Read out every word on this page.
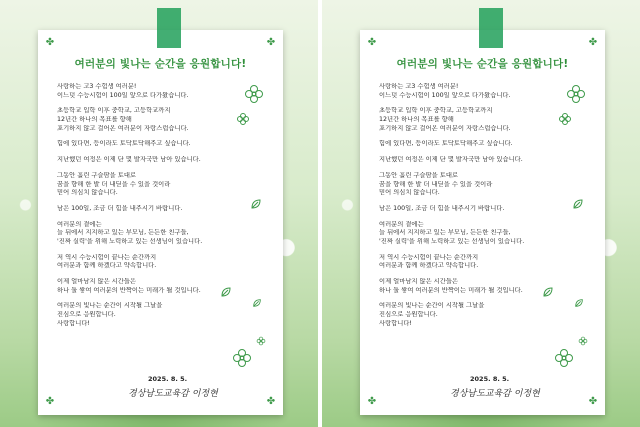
✤	✤
✤	✤
여러분의 빛나는 순간을 응원합니다!
사랑하는 고3 수험생 여러분!
이느덧 수능시험이 100일 앞으로 다가왔습니다.
초등학교 입학 이후 중학교, 고등학교까지
12년간 하나의 목표를 향해
포기하지 않고 걸어온 여러분이 자랑스럽습니다.
힘에 있다면, 등이라도 토닥토닥해주고 싶습니다.
지난했던 여정은 이제 단 몇 발자국만 남아 있습니다.
그동안 흘린 구슬땀을 토대로
꿈을 향해 한 발 더 내딛을 수 있을 것이라
믿어 의심치 않습니다.
남은 100일, 조금 더 힘을 내주시기 바랍니다.
여러분의 곁에는
늘 뒤에서 지지하고 있는 부모님, 든든한 친구들,
'진짜 실력'을 위해 노력하고 있는 선생님이 있습니다.
저 역시 수능시험이 끝나는 순간까지
여러분과 함께 하겠다고 약속합니다.
이제 얼마남지 않은 시간들은
하나 둘 쌓여 여러분의 반짝이는 미래가 될 것입니다.
여러분의 빛나는 순간이 시작될 그날을
진심으로 응원합니다.
사랑합니다!
2025. 8. 5.
경상남도교육감 이정현
✤	✤
✤	✤
여러분의 빛나는 순간을 응원합니다!
사랑하는 고3 수험생 여러분!
이느덧 수능시험이 100일 앞으로 다가왔습니다.
초등학교 입학 이후 중학교, 고등학교까지
12년간 하나의 목표를 향해
포기하지 않고 걸어온 여러분이 자랑스럽습니다.
힘에 있다면, 등이라도 토닥토닥해주고 싶습니다.
지난했던 여정은 이제 단 몇 발자국만 남아 있습니다.
그동안 흘린 구슬땀을 토대로
꿈을 향해 한 발 더 내딛을 수 있을 것이라
믿어 의심치 않습니다.
남은 100일, 조금 더 힘을 내주시기 바랍니다.
여러분의 곁에는
늘 뒤에서 지지하고 있는 부모님, 든든한 친구들,
'진짜 실력'을 위해 노력하고 있는 선생님이 있습니다.
저 역시 수능시험이 끝나는 순간까지
여러분과 함께 하겠다고 약속합니다.
이제 얼마남지 않은 시간들은
하나 둘 쌓여 여러분의 반짝이는 미래가 될 것입니다.
여러분의 빛나는 순간이 시작될 그날을
진심으로 응원합니다.
사랑합니다!
2025. 8. 5.
경상남도교육감 이정현
